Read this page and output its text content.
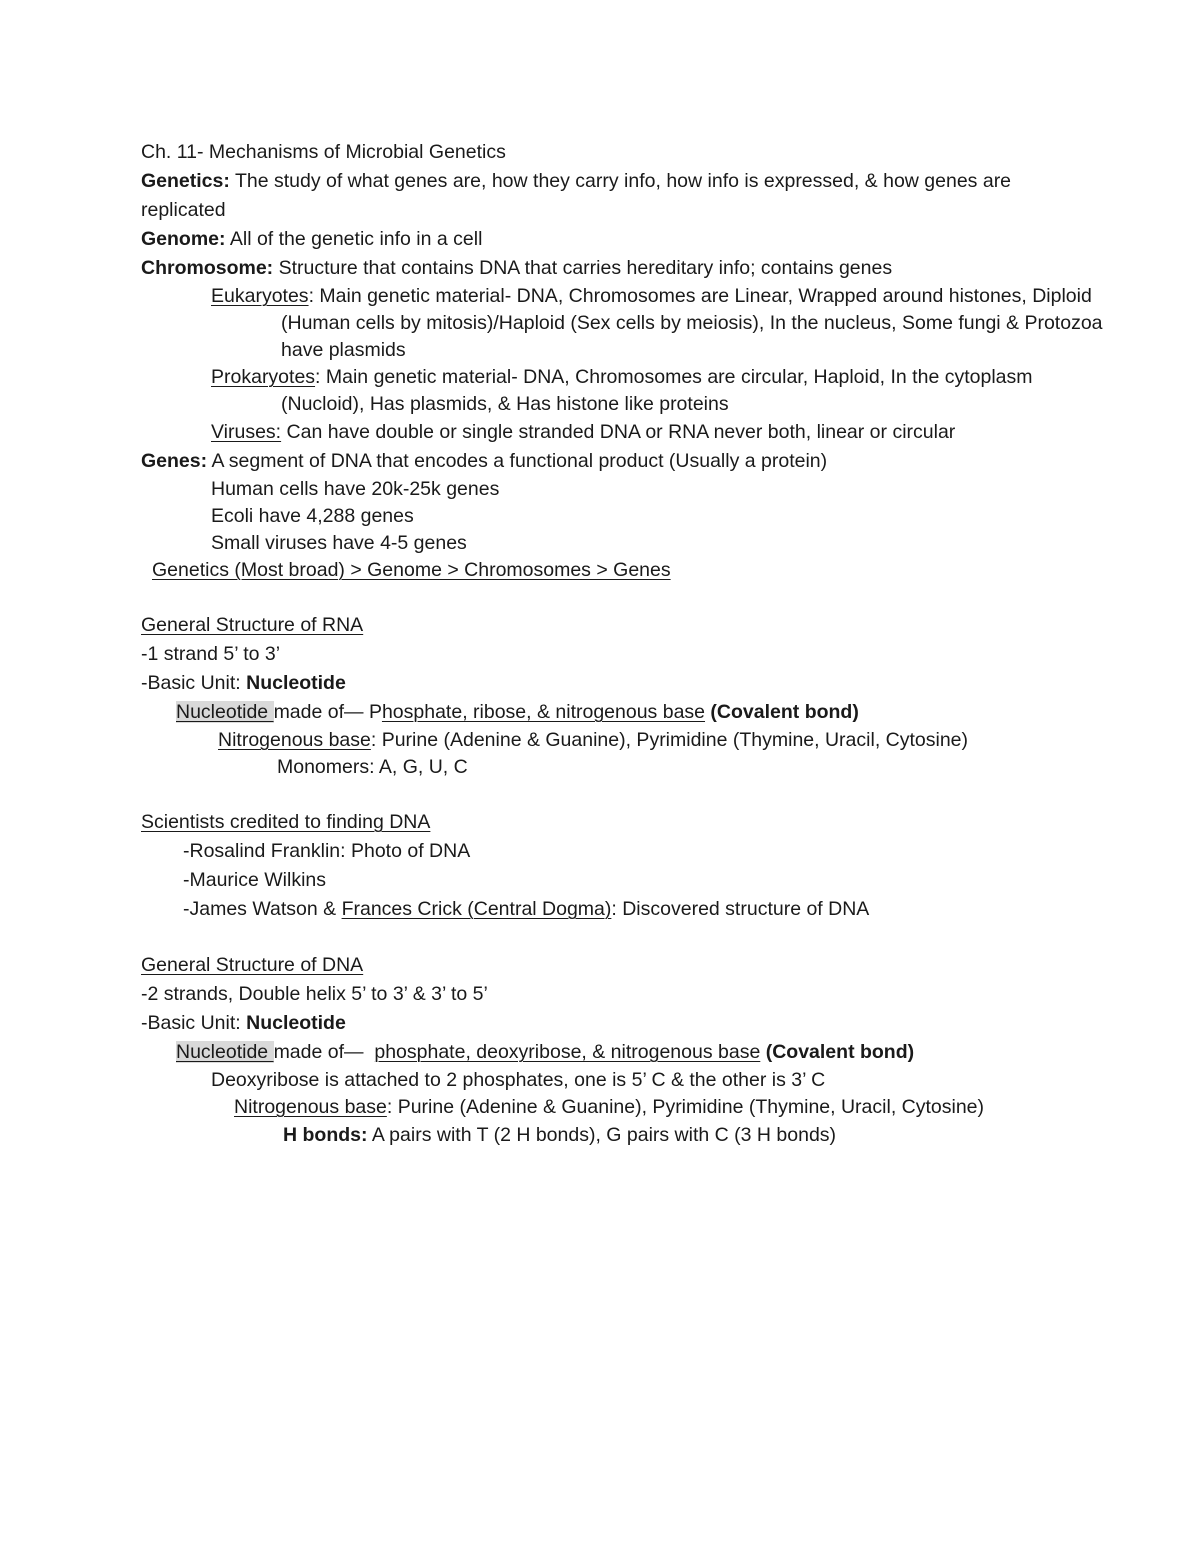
Ch. 11- Mechanisms of Microbial Genetics
Genetics: The study of what genes are, how they carry info, how info is expressed, & how genes are replicated
Genome: All of the genetic info in a cell
Chromosome: Structure that contains DNA that carries hereditary info; contains genes
Eukaryotes: Main genetic material- DNA, Chromosomes are Linear, Wrapped around histones, Diploid (Human cells by mitosis)/Haploid (Sex cells by meiosis), In the nucleus, Some fungi & Protozoa have plasmids
Prokaryotes: Main genetic material- DNA, Chromosomes are circular, Haploid, In the cytoplasm (Nucloid), Has plasmids, & Has histone like proteins
Viruses: Can have double or single stranded DNA or RNA never both, linear or circular
Genes: A segment of DNA that encodes a functional product (Usually a protein)
Human cells have 20k-25k genes
Ecoli have 4,288 genes
Small viruses have 4-5 genes
Genetics (Most broad) > Genome > Chromosomes > Genes
General Structure of RNA
-1 strand 5’ to 3’
-Basic Unit: Nucleotide
Nucleotide made of— Phosphate, ribose, & nitrogenous base (Covalent bond)
Nitrogenous base: Purine (Adenine & Guanine), Pyrimidine (Thymine, Uracil, Cytosine)
Monomers: A, G, U, C
Scientists credited to finding DNA
-Rosalind Franklin: Photo of DNA
-Maurice Wilkins
-James Watson & Frances Crick (Central Dogma): Discovered structure of DNA
General Structure of DNA
-2 strands, Double helix 5’ to 3’ & 3’ to 5’
-Basic Unit: Nucleotide
Nucleotide made of—  phosphate, deoxyribose, & nitrogenous base (Covalent bond)
Deoxyribose is attached to 2 phosphates, one is 5’ C & the other is 3’ C
Nitrogenous base: Purine (Adenine & Guanine), Pyrimidine (Thymine, Uracil, Cytosine)
H bonds: A pairs with T (2 H bonds), G pairs with C (3 H bonds)
